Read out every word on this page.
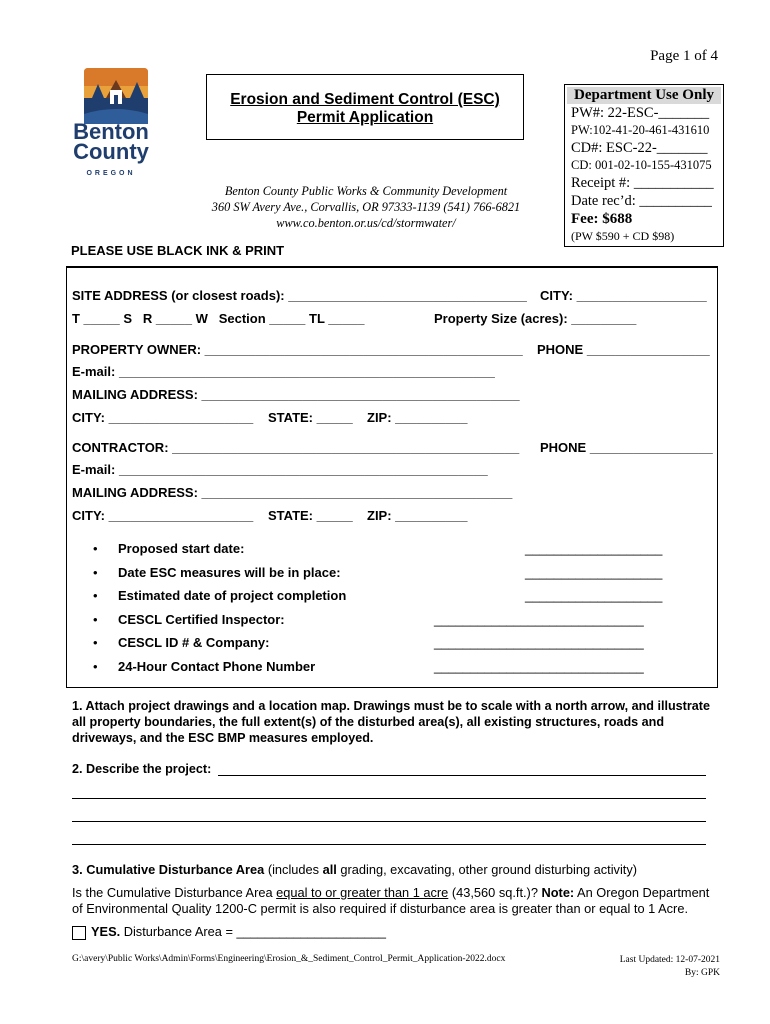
Page 1 of 4
Benton
County
OREGON
Erosion and Sediment Control (ESC)
Permit Application
Benton County Public Works & Community Development
360 SW Avery Ave., Corvallis, OR 97333-1139 (541) 766-6821
www.co.benton.or.us/cd/stormwater/
Department Use Only
PW#: 22-ESC-_______
PW:102-41-20-461-431610
CD#: ESC-22-_______
CD: 001-02-10-155-431075
Receipt #: ___________
Date rec’d: __________
Fee: $688
(PW $590 + CD $98)
PLEASE USE BLACK INK & PRINT
SITE ADDRESS (or closest roads): _________________________________ CITY: __________________
T _____ S   R _____ W   Section _____ TL _____	Property Size (acres): _________
PROPERTY OWNER: ____________________________________________ PHONE _________________
E-mail: ____________________________________________________
MAILING ADDRESS: ____________________________________________
CITY: ____________________ STATE: _____ ZIP: __________
CONTRACTOR: ________________________________________________ PHONE _________________
E-mail: ___________________________________________________
MAILING ADDRESS: ___________________________________________
CITY: ____________________ STATE: _____ ZIP: __________
• Proposed start date:	___________________
• Date ESC measures will be in place:	___________________
• Estimated date of project completion	___________________
• CESCL Certified Inspector:	_____________________________
• CESCL ID # & Company:	_____________________________
• 24-Hour Contact Phone Number	_____________________________
1. Attach project drawings and a location map. Drawings must be to scale with a north arrow, and illustrate
all property boundaries, the full extent(s) of the disturbed area(s), all existing structures, roads and
driveways, and the ESC BMP measures employed.
2. Describe the project:
3. Cumulative Disturbance Area (includes all grading, excavating, other ground disturbing activity)
Is the Cumulative Disturbance Area equal to or greater than 1 acre (43,560 sq.ft.)? Note: An Oregon Department
of Environmental Quality 1200-C permit is also required if disturbance area is greater than or equal to 1 Acre.
YES. Disturbance Area = _____________________
G:\avery\Public Works\Admin\Forms\Engineering\Erosion_&_Sediment_Control_Permit_Application-2022.docx	Last Updated: 12-07-2021
By: GPK
